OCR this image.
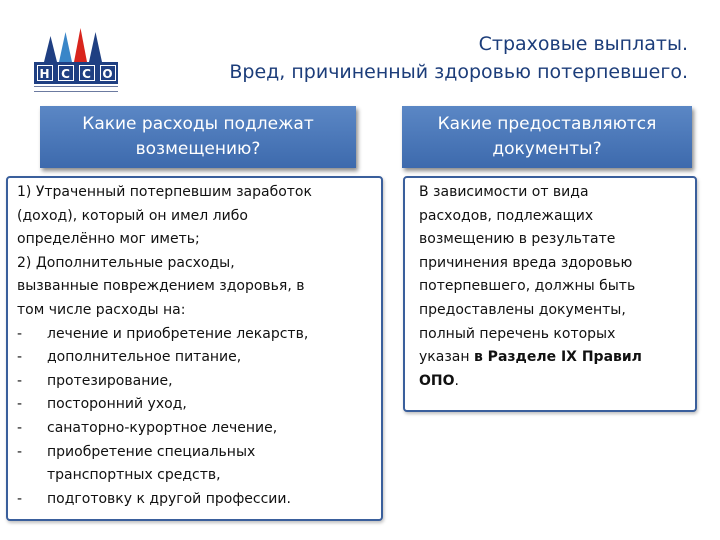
Н С С О
Страховые выплаты.
Вред, причиненный здоровью потерпевшего.
Какие расходы подлежат
возмещению?
Какие предоставляются
документы?
1) Утраченный потерпевшим заработок
(доход), который он имел либо
определённо мог иметь;
2) Дополнительные расходы,
вызванные повреждением здоровья, в
том числе расходы на:
-	лечение и приобретение лекарств,
-	дополнительное питание,
-	протезирование,
-	посторонний уход,
-	санаторно-курортное лечение,
-	приобретение специальных
транспортных средств,
-	подготовку к другой профессии.
В зависимости от вида
расходов, подлежащих
возмещению в результате
причинения вреда здоровью
потерпевшего, должны быть
предоставлены документы,
полный перечень которых
указан в Разделе IX Правил
ОПО.
